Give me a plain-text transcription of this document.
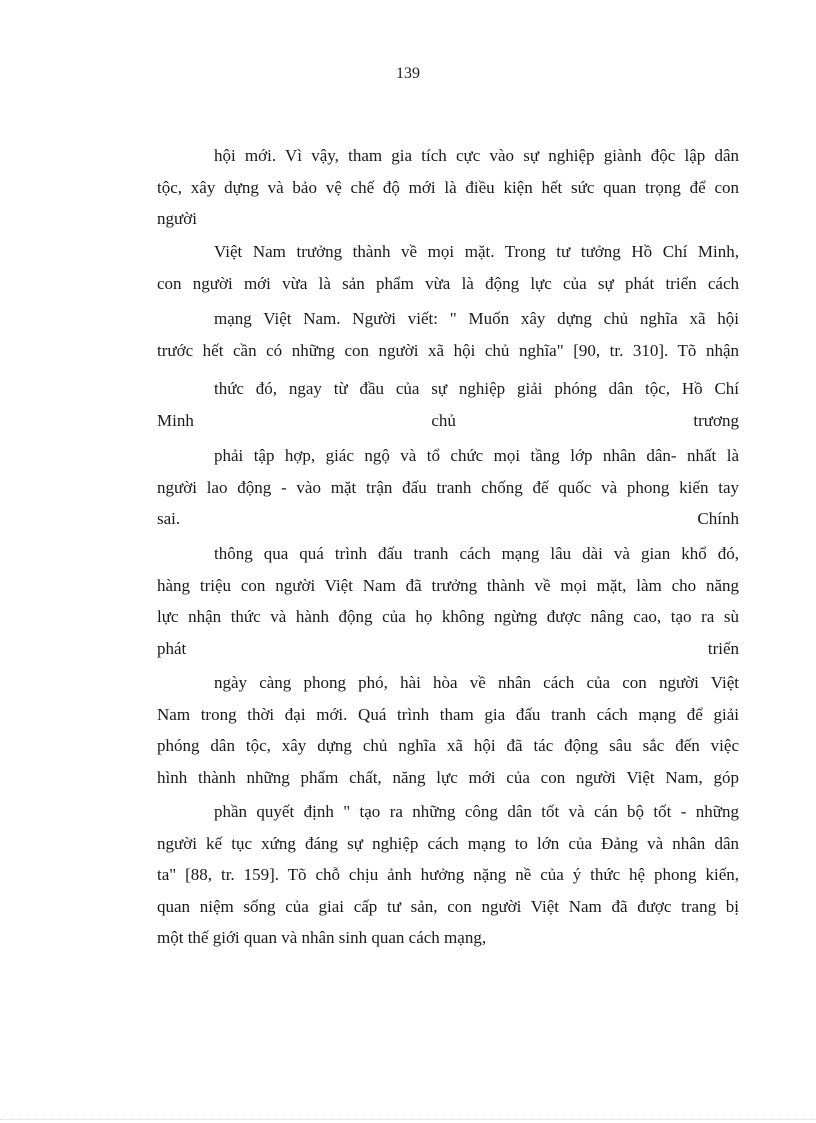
139
hội mới. Vì vậy, tham gia tích cực vào sự nghiệp giành độc lập dân
tộc, xây dựng và bảo vệ chế độ mới là điều kiện hết sức quan trọng để con
người
Việt Nam trưởng thành về mọi mặt. Trong tư tưởng Hồ Chí Minh,
con người mới vừa là sản phẩm vừa là động lực của sự phát triển cách
mạng Việt Nam. Người viết: " Muốn xây dựng chủ nghĩa xã hội
trước hết cần có những con người xã hội chủ nghĩa" [90, tr. 310]. Tõ nhận
thức đó, ngay từ đầu của sự nghiệp giải phóng dân tộc, Hồ Chí
Minh chủ trương
phải tập hợp, giác ngộ và tổ chức mọi tầng lớp nhân dân- nhất là
người lao động - vào mặt trận đấu tranh chống đế quốc và phong kiến tay
sai. Chính
thông qua quá trình đấu tranh cách mạng lâu dài và gian khổ đó,
hàng triệu con người Việt Nam đã trưởng thành về mọi mặt, làm cho năng
lực nhận thức và hành động của họ không ngừng được nâng cao, tạo ra sù
phát triển
ngày càng phong phó, hài hòa về nhân cách của con người Việt
Nam trong thời đại mới. Quá trình tham gia đấu tranh cách mạng để giải
phóng dân tộc, xây dựng chủ nghĩa xã hội đã tác động sâu sắc đến việc
hình thành những phẩm chất, năng lực mới của con người Việt Nam, góp
phần quyết định " tạo ra những công dân tốt và cán bộ tốt - những
người kế tục xứng đáng sự nghiệp cách mạng to lớn của Đảng và nhân dân
ta" [88, tr. 159]. Tõ chỗ chịu ảnh hưởng nặng nề của ý thức hệ phong kiến,
quan niệm sống của giai cấp tư sản, con người Việt Nam đã được trang bị
một thế giới quan và nhân sinh quan cách mạng,
